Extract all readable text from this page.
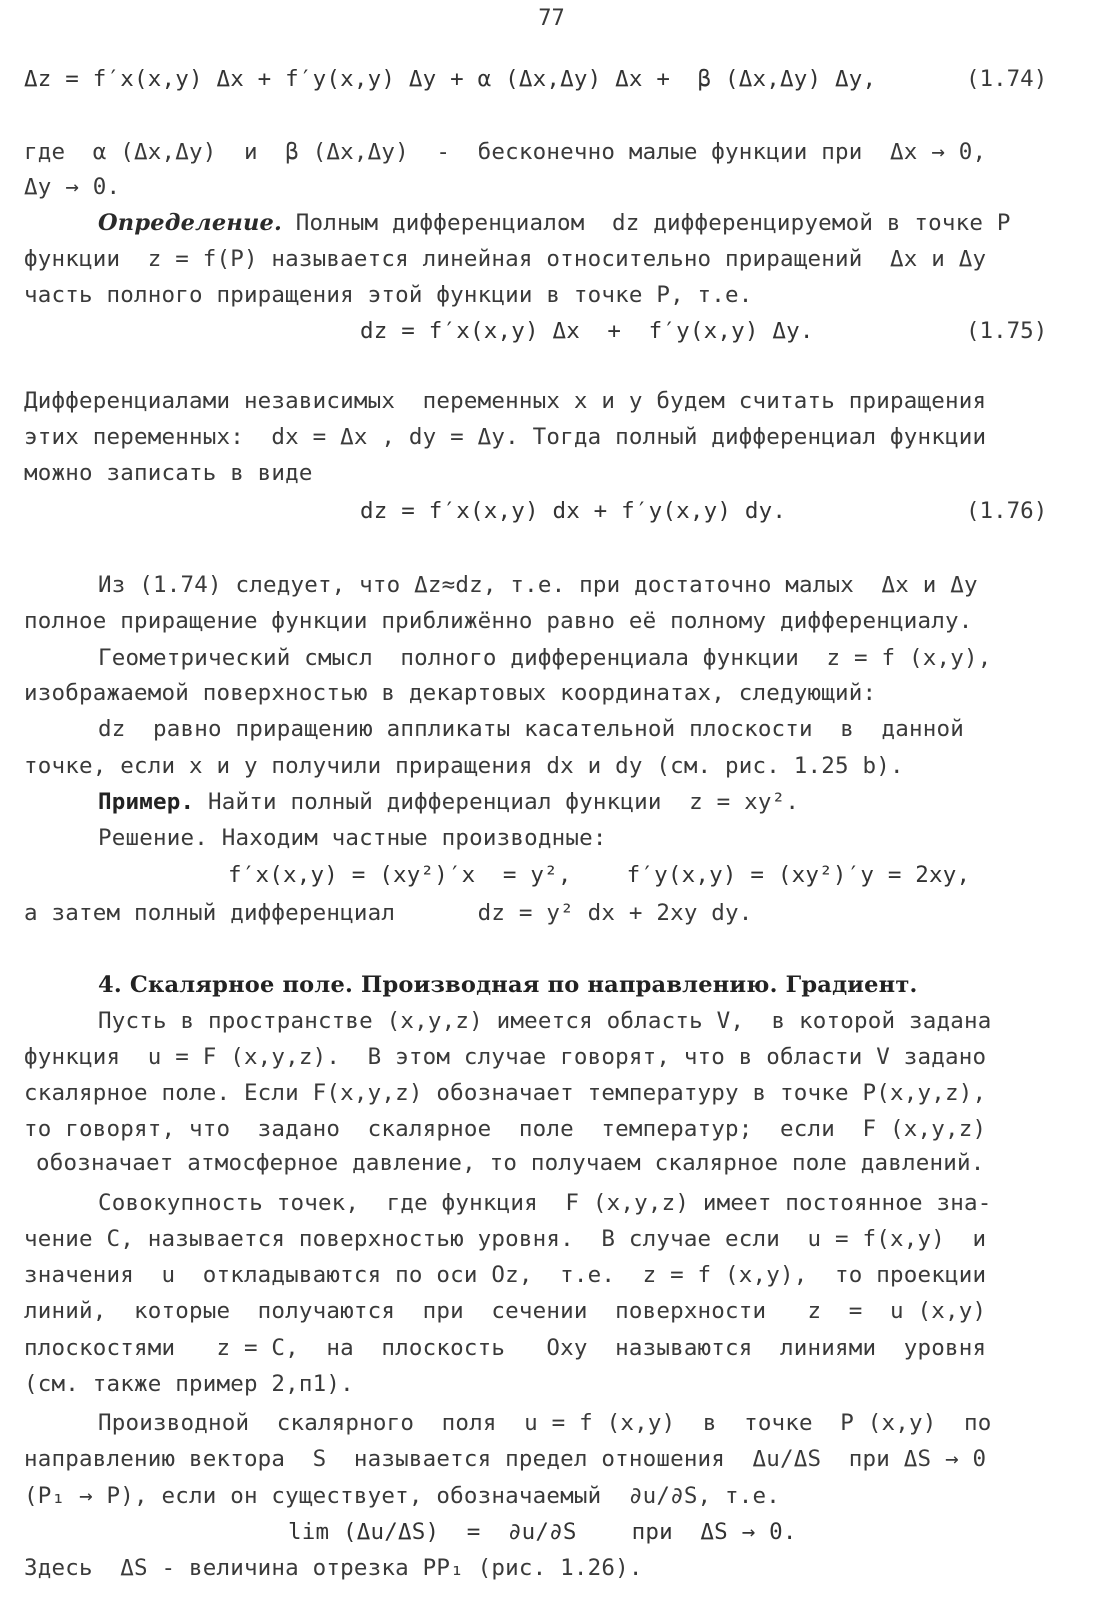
77
Δz = f′x(x,y) Δx + f′y(x,y) Δy + α (Δx,Δy) Δx +  β (Δx,Δy) Δy,	(1.74)
где  α (Δx,Δy)  и  β (Δx,Δy)  -  бесконечно малые функции при  Δx → 0,
Δy → 0.
Определение. Полным дифференциалом  dz дифференцируемой в точке P
функции  z = f(P) называется линейная относительно приращений  Δx и Δy
часть полного приращения этой функции в точке P, т.е.
dz = f′x(x,y) Δx  +  f′y(x,y) Δy.	(1.75)
Дифференциалами независимых  переменных x и y будем считать приращения
этих переменных:  dx = Δx , dy = Δy. Тогда полный дифференциал функции
можно записать в виде
dz = f′x(x,y) dx + f′y(x,y) dy.	(1.76)
Из (1.74) следует, что Δz≈dz, т.е. при достаточно малых  Δx и Δy
полное приращение функции приближённо равно её полному дифференциалу.
Геометрический смысл  полного дифференциала функции  z = f (x,y),
изображаемой поверхностью в декартовых координатах, следующий:
dz  равно приращению аппликаты касательной плоскости  в  данной
точке, если x и y получили приращения dx и dy (см. рис. 1.25 b).
Пример. Найти полный дифференциал функции  z = xy².
Решение. Находим частные производные:
f′x(x,y) = (xy²)′x  = y²,    f′y(x,y) = (xy²)′y = 2xy,
а затем полный дифференциал      dz = y² dx + 2xy dy.
4. Скалярное поле. Производная по направлению. Градиент.
Пусть в пространстве (x,y,z) имеется область V,  в которой задана
функция  u = F (x,y,z).  В этом случае говорят, что в области V задано
скалярное поле. Если F(x,y,z) обозначает температуру в точке P(x,y,z),
то говорят, что  задано  скалярное  поле  температур;  если  F (x,y,z)
обозначает атмосферное давление, то получаем скалярное поле давлений.
Совокупность точек,  где функция  F (x,y,z) имеет постоянное зна-
чение C, называется поверхностью уровня.  В случае если  u = f(x,y)  и
значения  u  откладываются по оси Oz,  т.е.  z = f (x,y),  то проекции
линий,  которые  получаются  при  сечении  поверхности   z  =  u (x,y)
плоскостями   z = C,  на  плоскость   Oxy  называются  линиями  уровня
(см. также пример 2,п1).
Производной  скалярного  поля  u = f (x,y)  в  точке  P (x,y)  по
направлению вектора  S  называется предел отношения  Δu/ΔS  при ΔS → 0
(P₁ → P), если он существует, обозначаемый  ∂u/∂S, т.е.
lim (Δu/ΔS)  =  ∂u/∂S    при  ΔS → 0.
Здесь  ΔS - величина отрезка PP₁ (рис. 1.26).
